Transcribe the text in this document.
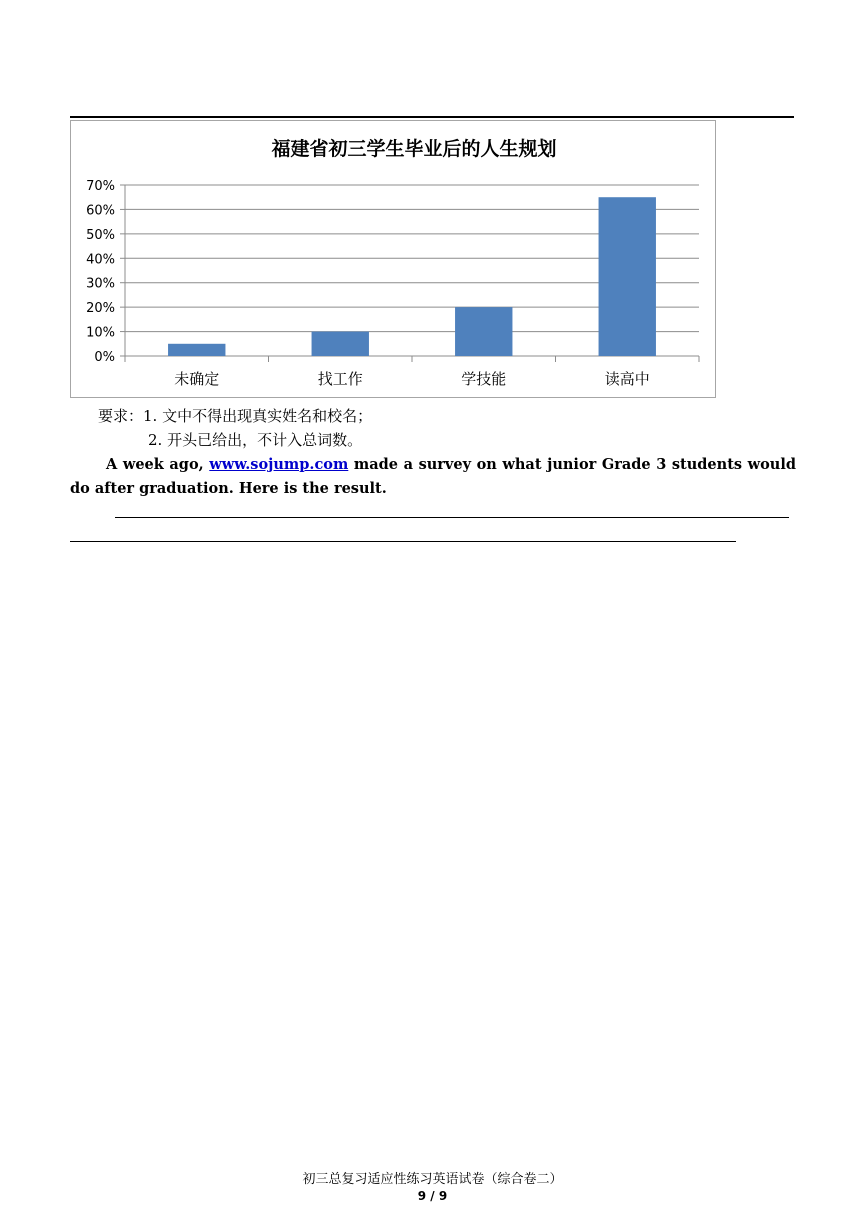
福建省初三学生毕业后的人生规划
0%
10%
20%
30%
40%
50%
60%
70%
未确定	找工作	学技能	读高中
要求：1. 文中不得出现真实姓名和校名；
2. 开头已给出，不计入总词数。
A week ago, www.sojump.com made a survey on what junior Grade 3 students would do after graduation. Here is the result.
初三总复习适应性练习英语试卷（综合卷二）
9 / 9
